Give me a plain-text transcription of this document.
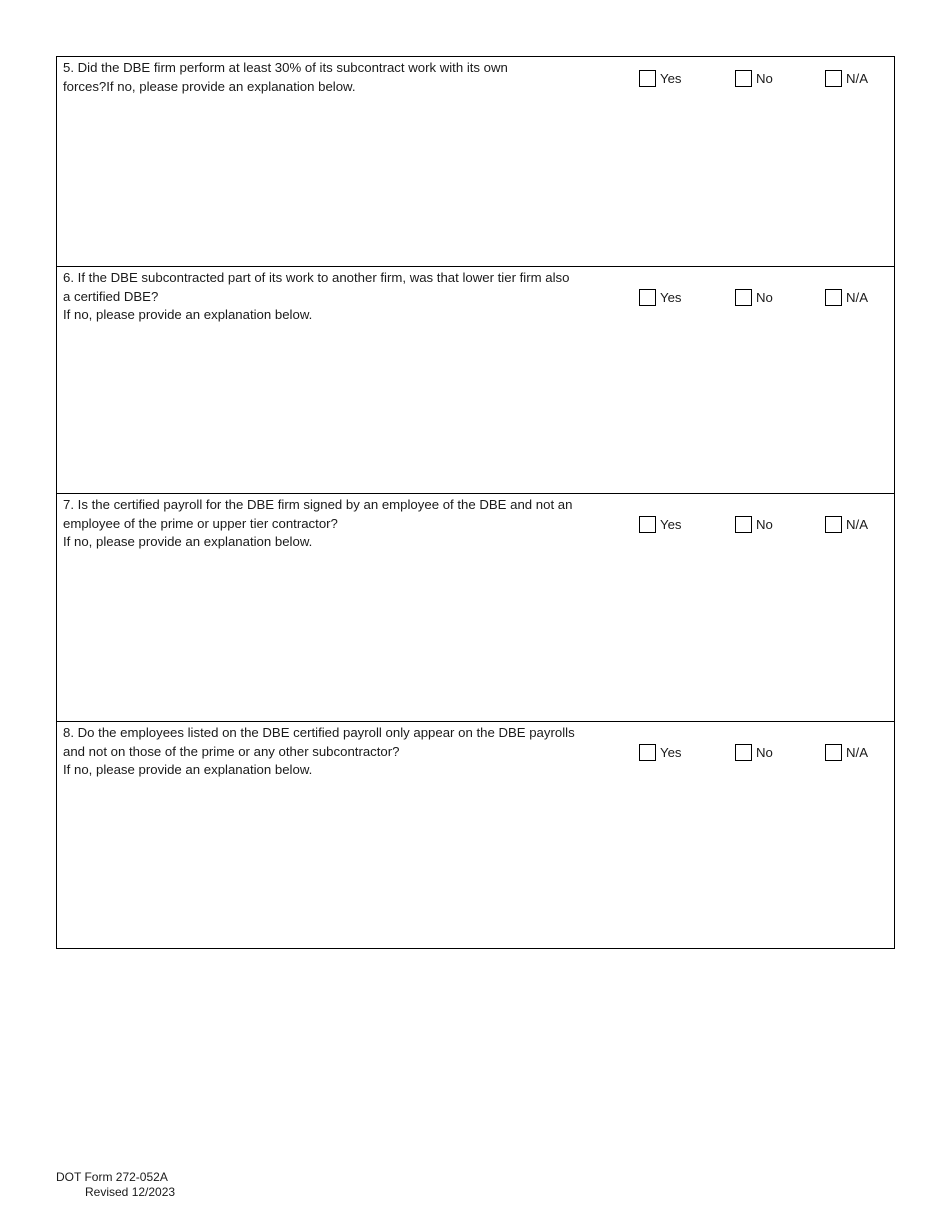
5. Did the DBE firm perform at least 30% of its subcontract work with its own
forces?If no, please provide an explanation below.
Yes	No	N/A
6. If the DBE subcontracted part of its work to another firm, was that lower tier firm also
a certified DBE?
If no, please provide an explanation below.
Yes	No	N/A
7. Is the certified payroll for the DBE firm signed by an employee of the DBE and not an
employee of the prime or upper tier contractor?
If no, please provide an explanation below.
Yes	No	N/A
8. Do the employees listed on the DBE certified payroll only appear on the DBE payrolls
and not on those of the prime or any other subcontractor?
If no, please provide an explanation below.
Yes	No	N/A
DOT Form 272-052A
Revised 12/2023
